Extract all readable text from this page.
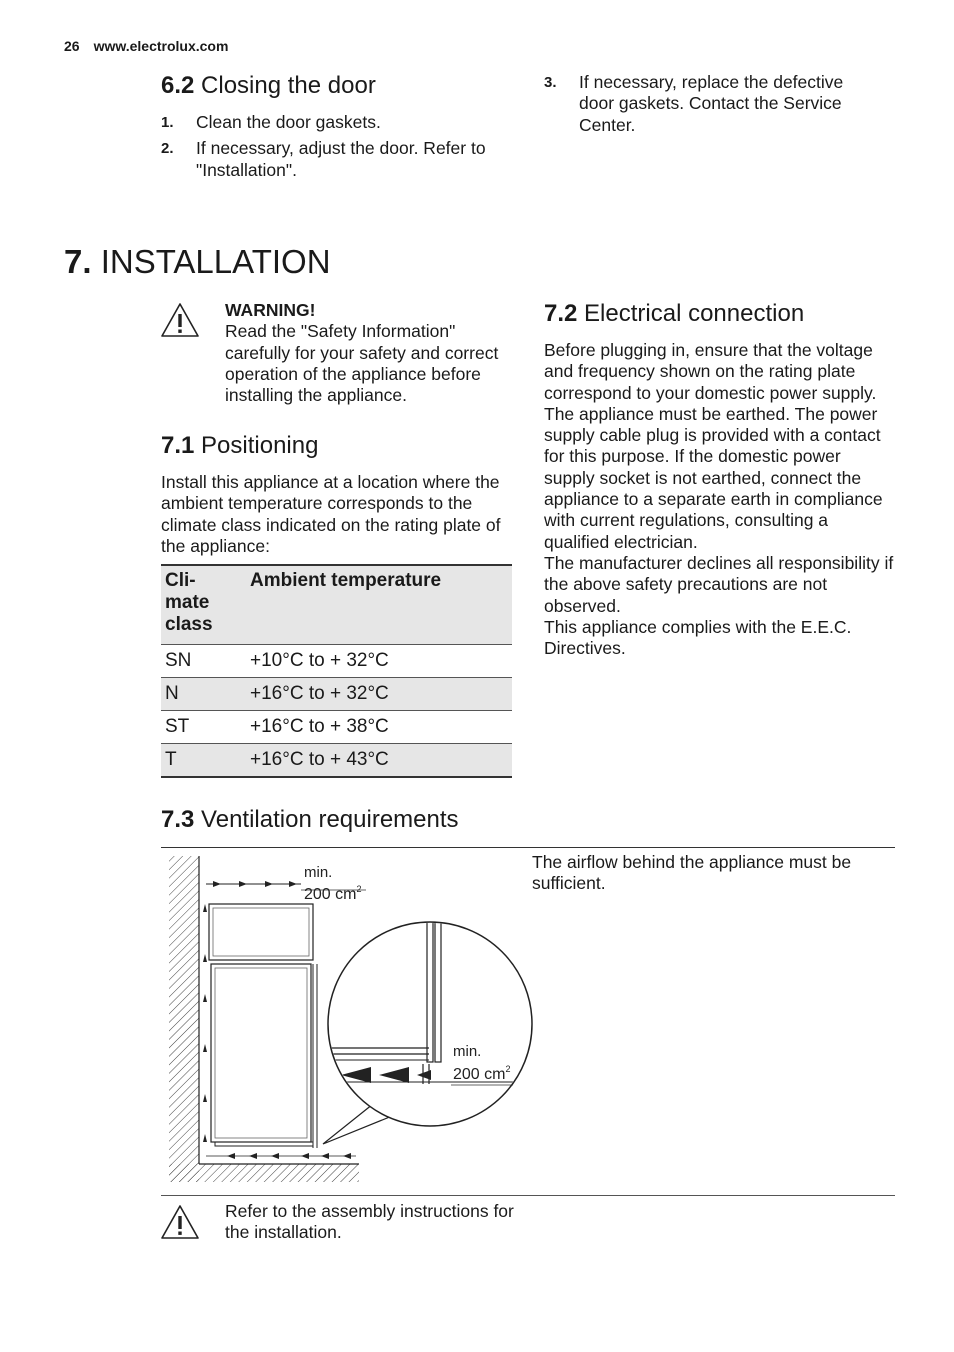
26 www.electrolux.com
6.2 Closing the door
1. Clean the door gaskets.
2. If necessary, adjust the door. Refer to "Installation".
3. If necessary, replace the defective door gaskets. Contact the Service Center.
7. INSTALLATION
WARNING!
Read the "Safety Information" carefully for your safety and correct operation of the appliance before installing the appliance.
7.1 Positioning
Install this appliance at a location where the ambient temperature corresponds to the climate class indicated on the rating plate of the appliance:
Cli-
mate
class	Ambient temperature
SN	+10°C to + 32°C
N	+16°C to + 32°C
ST	+16°C to + 38°C
T	+16°C to + 43°C
7.2 Electrical connection
Before plugging in, ensure that the voltage and frequency shown on the rating plate correspond to your domestic power supply.
The appliance must be earthed. The power supply cable plug is provided with a contact for this purpose. If the domestic power supply socket is not earthed, connect the appliance to a separate earth in compliance with current regulations, consulting a qualified electrician.
The manufacturer declines all responsibility if the above safety precautions are not observed.
This appliance complies with the E.E.C. Directives.
7.3 Ventilation requirements
min.
200 $cm^2$
min.
200 $cm^2$
The airflow behind the appliance must be sufficient.
Refer to the assembly instructions for the installation.
